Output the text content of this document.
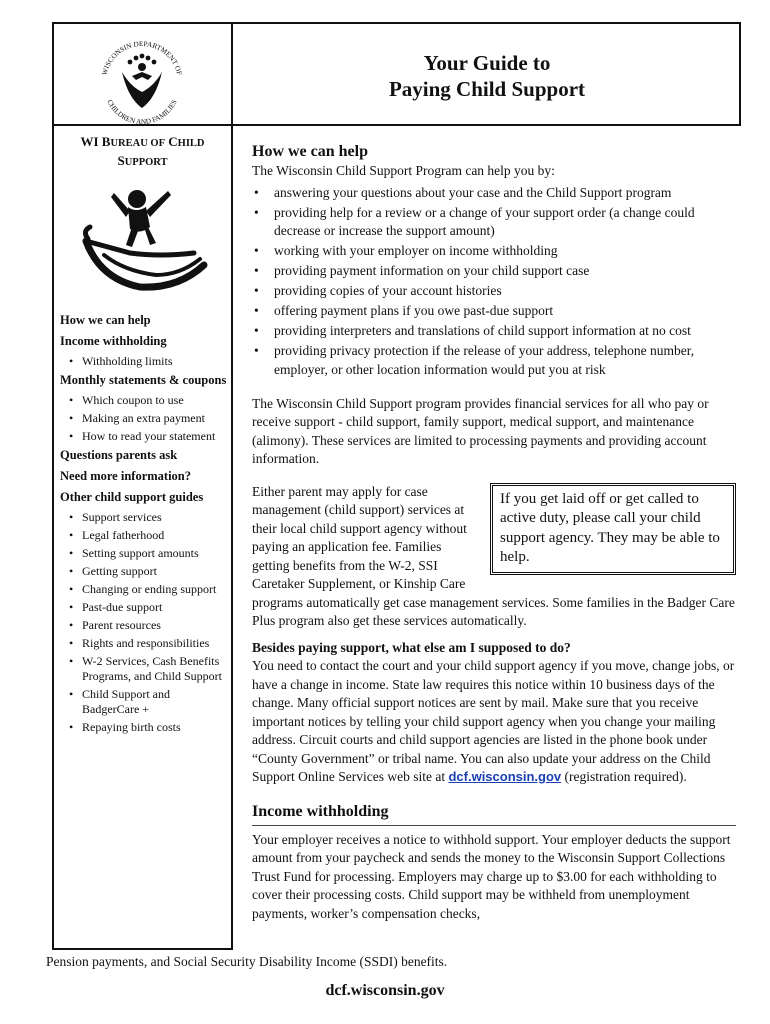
WISCONSIN DEPARTMENT OF
CHILDREN AND FAMILIES
Your Guide to
Paying Child Support
WI BUREAU OF CHILD
SUPPORT
How we can help
Income withholding
• Withholding limits
Monthly statements & coupons
• Which coupon to use
• Making an extra payment
• How to read your statement
Questions parents ask
Need more information?
Other child support guides
• Support services
• Legal fatherhood
• Setting support amounts
• Getting support
• Changing or ending support
• Past-due support
• Parent resources
• Rights and responsibilities
• W-2 Services, Cash Benefits Programs, and Child Support
• Child Support and BadgerCare +
• Repaying birth costs
How we can help

The Wisconsin Child Support Program can help you by:

• answering your questions about your case and the Child Support program
• providing help for a review or a change of your support order (a change could decrease or increase the support amount)
• working with your employer on income withholding
• providing payment information on your child support case
• providing copies of your account histories
• offering payment plans if you owe past-due support
• providing interpreters and translations of child support information at no cost
• providing privacy protection if the release of your address, telephone number, employer, or other location information would put you at risk

The Wisconsin Child Support program provides financial services for all who pay or receive support - child support, family support, medical support, and maintenance (alimony). These services are limited to processing payments and providing account information.

If you get laid off or get called to active duty, please call your child support agency. They may be able to help.

Either parent may apply for case management (child support) services at their local child support agency without paying an application fee. Families getting benefits from the W-2, SSI Caretaker Supplement, or Kinship Care programs automatically get case management services. Some families in the Badger Care Plus program also get these services automatically.

Besides paying support, what else am I supposed to do?

You need to contact the court and your child support agency if you move, change jobs, or have a change in income. State law requires this notice within 10 business days of the change. Many official support notices are sent by mail. Make sure that you receive important notices by telling your child support agency when you change your mailing address. Circuit courts and child support agencies are listed in the phone book under “County Government” or tribal name. You can also update your address on the Child Support Online Services web site at dcf.wisconsin.gov (registration required).

Income withholding

Your employer receives a notice to withhold support. Your employer deducts the support amount from your paycheck and sends the money to the Wisconsin Support Collections Trust Fund for processing. Employers may charge up to $3.00 for each withholding to cover their processing costs. Child support may be withheld from unemployment payments, worker’s compensation checks,

Pension payments, and Social Security Disability Income (SSDI) benefits.
dcf.wisconsin.gov
